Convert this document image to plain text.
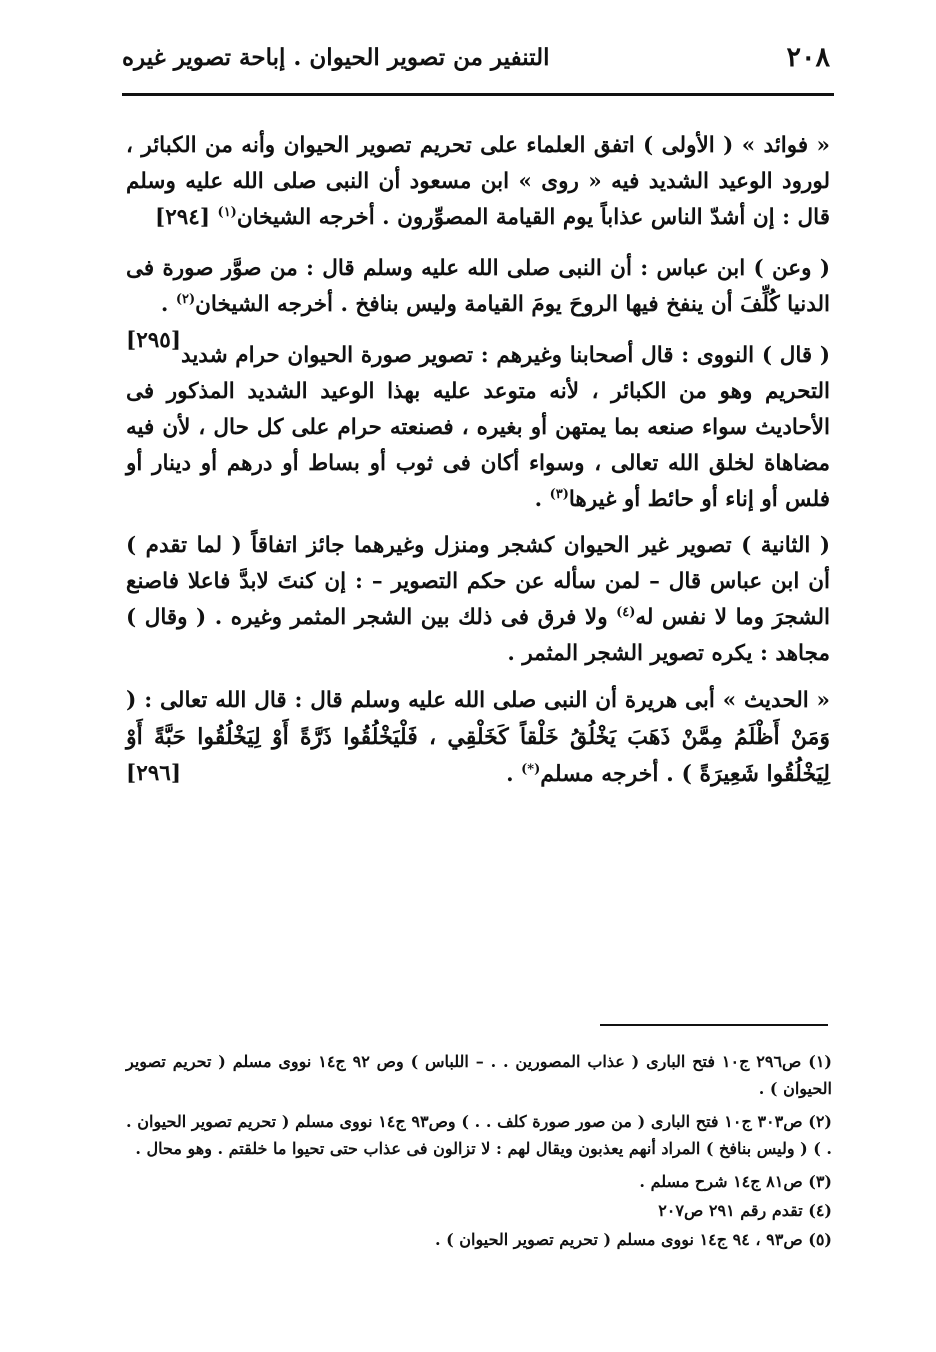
٢٠٨
التنفير من تصوير الحيوان . إباحة تصوير غيره

« فوائد » ( الأولى ) اتفق العلماء على تحريم تصوير الحيوان وأنه من الكبائر ، لورود الوعيد الشديد فيه « روى » ابن مسعود أن النبى صلى الله عليه وسلم قال : إن أشدّ الناس عذاباً يوم القيامة المصوِّرون . أخرجه الشيخان$^{(١)}$ [٢٩٤]

( وعن ) ابن عباس : أن النبى صلى الله عليه وسلم قال : من صوَّر صورة فى الدنيا كُلِّفَ أن ينفخ فيها الروحَ يومَ القيامة وليس بنافخ . أخرجه الشيخان$^{(٢)}$ .
[٢٩٥]

( قال ) النووى : قال أصحابنا وغيرهم : تصوير صورة الحيوان حرام شديد التحريم وهو من الكبائر ، لأنه متوعد عليه بهذا الوعيد الشديد المذكور فى الأحاديث سواء صنعه بما يمتهن أو بغيره ، فصنعته حرام على كل حال ، لأن فيه مضاهاة لخلق الله تعالى ، وسواء أكان فى ثوب أو بساط أو درهم أو دينار أو فلس أو إناء أو حائط أو غيرها$^{(٣)}$ .

( الثانية ) تصوير غير الحيوان كشجر ومنزل وغيرهما جائز اتفاقاً ( لما تقدم ) أن ابن عباس قال – لمن سأله عن حكم التصوير – : إن كنتَ لابدَّ فاعلا فاصنع الشجرَ وما لا نفس له$^{(٤)}$ ولا فرق فى ذلك بين الشجر المثمر وغيره . ( وقال ) مجاهد : يكره تصوير الشجر المثمر .

« الحديث » أبى هريرة أن النبى صلى الله عليه وسلم قال : قال الله تعالى : ( وَمَنْ أَظْلَمُ مِمَّنْ ذَهَبَ يَخْلُقُ خَلْقاً كَخَلْقِي ، فَلْيَخْلُقُوا ذَرَّةً أَوْ لِيَخْلُقُوا حَبَّةً أَوْ لِيَخْلُقُوا شَعِيرَةً ) . أخرجه مسلم(*) .
[٢٩٦]

(١) ص٢٩٦ ج١٠ فتح البارى ( عذاب المصورين . . – اللباس ) وص ٩٢ ج١٤ نووى مسلم ( تحريم تصوير الحيوان ) .

(٢) ص٣٠٣ ج١٠ فتح البارى ( من صور صورة كلف . . ) وص٩٣ ج١٤ نووى مسلم ( تحريم تصوير الحيوان . . ) ( وليس بنافخ ) المراد أنهم يعذبون ويقال لهم : لا تزالون فى عذاب حتى تحيوا ما خلقتم . وهو محال .

(٣) ص٨١ ج١٤ شرح مسلم .

(٤) تقدم رقم ٢٩١ ص٢٠٧

(٥) ص٩٣ ، ٩٤ ج١٤ نووى مسلم ( تحريم تصوير الحيوان ) .
